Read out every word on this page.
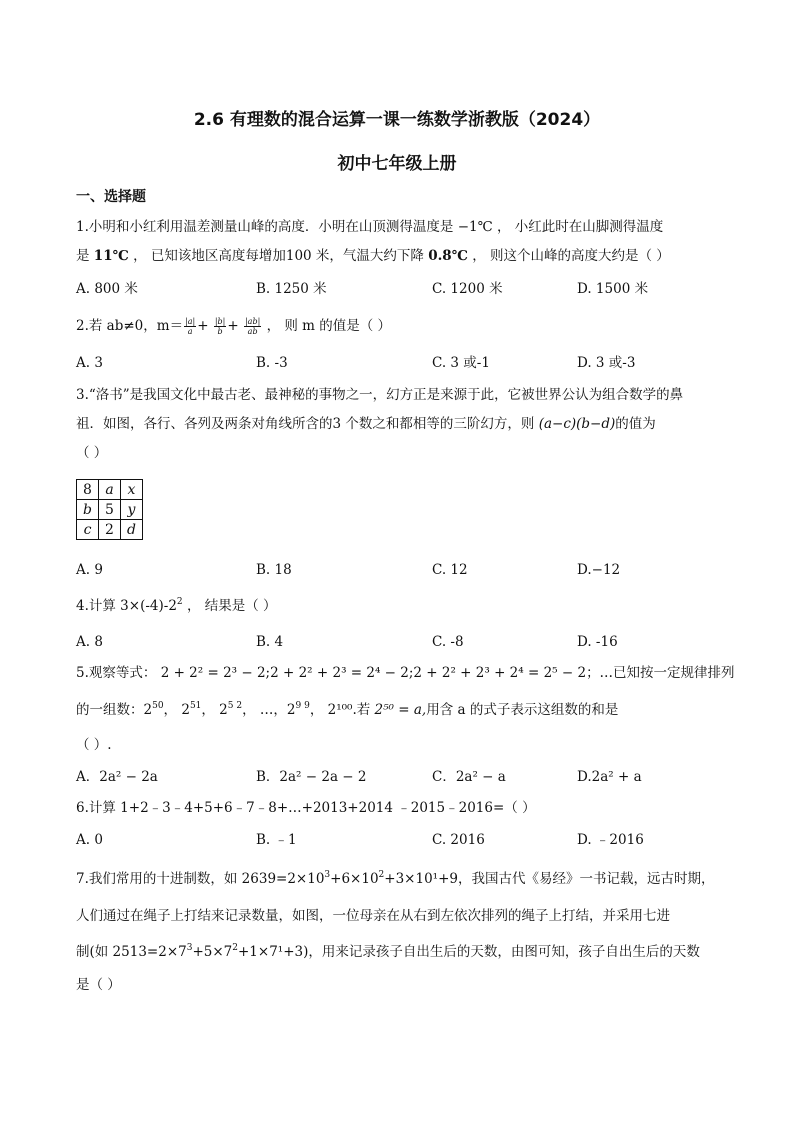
2.6 有理数的混合运算一课一练数学浙教版（2024）
初中七年级上册
一、选择题
1.小明和小红利用温差测量山峰的高度．小明在山顶测得温度是 −1℃ ， 小红此时在山脚测得温度
是 11℃ ， 已知该地区高度每增加100 米，气温大约下降 0.8℃ ， 则这个山峰的高度大约是（ ）
A. 800 米	B. 1250 米	C. 1200 米	D. 1500 米
2.若 ab≠0，$m= \frac{|a|}{a} + \frac{|b|}{b} + \frac{|ab|}{ab}$ ， 则 m 的值是（ ）
A. 3	B. -3	C. 3 或-1	D. 3 或-3
3.“洛书”是我国文化中最古老、最神秘的事物之一，幻方正是来源于此，它被世界公认为组合数学的鼻
祖．如图，各行、各列及两条对角线所含的3 个数之和都相等的三阶幻方，则 (a−c)(b−d)的值为
（ ）
8	a	x
b	5	y
c	2	d
A. 9	B. 18	C. 12	D.−12
4.计算 $3\times(-4)-2^2$ ， 结果是（ ）
A. 8	B. 4	C. -8	D. -16
5.观察等式： 2 + 2² = 2³ − 2;2 + 2² + 2³ = 2⁴ − 2;2 + 2² + 2³ + 2⁴ = 2⁵ − 2；…已知按一定规律排列
的一组数：$2^{50}$， $2^{51}$， $2^{5 2}$， …，$2^{9 9}$， 2¹⁰⁰.若 2⁵⁰ = a,用含 a 的式子表示这组数的和是
（ ）.
A．2a² − 2a	B．2a² − 2a − 2	C．2a² − a	D.2a² + a
6.计算 1+2﹣3﹣4+5+6﹣7﹣8+…+2013+2014 ﹣2015﹣2016=（ ）
A. 0	B. ﹣1	C. 2016	D. ﹣2016
7.我们常用的十进制数，如 $2639=2\times 10^3+6\times 10^2+3\times 10^1+9$，我国古代《易经》一书记载，远古时期，
人们通过在绳子上打结来记录数量，如图，一位母亲在从右到左依次排列的绳子上打结，并采用七进
制(如 $2513=2\times 7^3+5\times 7^2+1\times 7^1+3$)，用来记录孩子自出生后的天数，由图可知，孩子自出生后的天数
是（ ）
